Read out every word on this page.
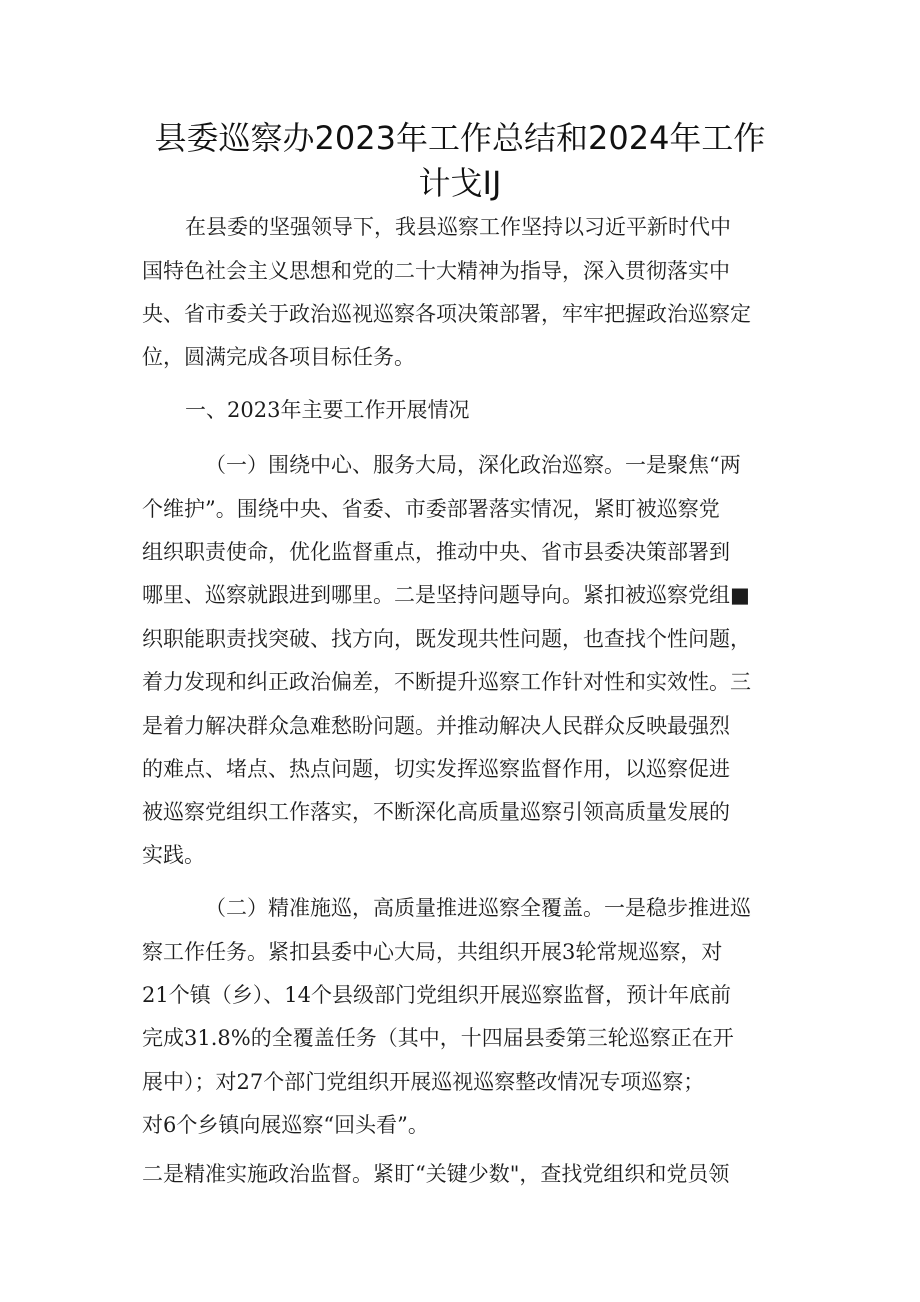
县委巡察办2023年工作总结和2024年工作
计戈IJ
在县委的坚强领导下，我县巡察工作坚持以习近平新时代中
国特色社会主义思想和党的二十大精神为指导，深入贯彻落实中
央、省市委关于政治巡视巡察各项决策部署，牢牢把握政治巡察定
位，圆满完成各项目标任务。
一、2023年主要工作开展情况
（一）围绕中心、服务大局，深化政治巡察。一是聚焦“两
个维护”。围绕中央、省委、市委部署落实情况，紧盯被巡察党
组织职责使命，优化监督重点，推动中央、省市县委决策部署到
哪里、巡察就跟进到哪里。二是坚持问题导向。紧扣被巡察党组■
织职能职责找突破、找方向，既发现共性问题，也查找个性问题，
着力发现和纠正政治偏差，不断提升巡察工作针对性和实效性。三
是着力解决群众急难愁盼问题。并推动解决人民群众反映最强烈
的难点、堵点、热点问题，切实发挥巡察监督作用，以巡察促进
被巡察党组织工作落实，不断深化高质量巡察引领高质量发展的
实践。
（二）精准施巡，高质量推进巡察全覆盖。一是稳步推进巡
察工作任务。紧扣县委中心大局，共组织开展3轮常规巡察，对
21个镇（乡）、14个县级部门党组织开展巡察监督，预计年底前
完成31.8%的全覆盖任务（其中，十四届县委第三轮巡察正在开
展中）；对27个部门党组织开展巡视巡察整改情况专项巡察；
对6个乡镇向展巡察“回头看”。
二是精准实施政治监督。紧盯“关键少数"，查找党组织和党员领
